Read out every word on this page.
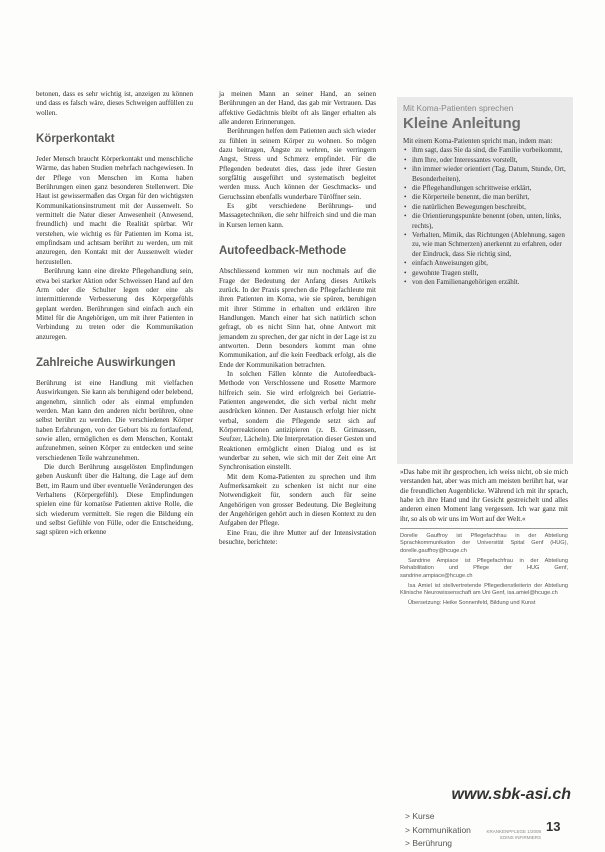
betonen, dass es sehr wichtig ist, anzeigen zu können und dass es falsch wäre, dieses Schweigen auffüllen zu wollen.

Körperkontakt

Jeder Mensch braucht Körperkontakt und menschliche Wärme, das haben Studien mehrfach nachgewiesen. In der Pflege von Menschen im Koma haben Berührungen einen ganz besonderen Stellenwert. Die Haut ist gewissermaßen das Organ für den wichtigsten Kommunikationsinstrument mit der Aussenwelt. So vermittelt die Natur dieser Anwesenheit (Anwesend, freundlich) und macht die Realität spürbar. Wir verstehen, wie wichtig es für Patienten im Koma ist, empfindsam und achtsam berührt zu werden, um mit anzuregen, den Kontakt mit der Aussenwelt wieder herzustellen.

Berührung kann eine direkte Pflegehandlung sein, etwa bei starker Aktion oder Schweissen Hand auf den Arm oder die Schulter legen oder eine als intermittierende Verbesserung des Körpergefühls geplant werden. Berührungen sind einfach auch ein Mittel für die Angehörigen, um mit ihrer Patienten in Verbindung zu treten oder die Kommunikation anzuregen.

Zahlreiche Auswirkungen

Berührung ist eine Handlung mit vielfachen Auswirkungen. Sie kann als beruhigend oder belebend, angenehm, sinnlich oder als einmal empfunden werden. Man kann den anderen nicht berühren, ohne selbst berührt zu werden. Die verschiedenen Körper haben Erfahrungen, von der Geburt bis zu fortlaufend, sowie allen, ermöglichen es dem Menschen, Kontakt aufzunehmen, seinen Körper zu entdecken und seine verschiedenen Teile wahrzunehmen.

Die durch Berührung ausgelösten Empfindungen geben Auskunft über die Haltung, die Lage auf dem Bett, im Raum und über eventuelle Veränderungen des Verhaltens (Körpergefühl). Diese Empfindungen spielen eine für komatöse Patienten aktive Rolle, die sich wiederum vermittelt. Sie regen die Bildung ein und selbst Gefühle von Fülle, oder die Entscheidung, sagt spüren »ich erkenne

ja meinen Mann an seiner Hand, an seinen Berührungen an der Hand, das gab mir Vertrauen. Das affektive Gedächtnis bleibt oft als länger erhalten als alle anderen Erinnerungen.

Berührungen helfen dem Patienten auch sich wieder zu fühlen in seinem Körper zu wohnen. So mögen dazu beitragen, Ängste zu wehren, sie verringern Angst, Stress und Schmerz empfindet. Für die Pflegenden bedeutet dies, dass jede ihrer Gesten sorgfältig ausgeführt und systematisch begleitet werden muss. Auch können der Geschmacks- und Geruchssinn ebenfalls wunderbare Türöffner sein.

Es gibt verschiedene Berührungs- und Massagetechniken, die sehr hilfreich sind und die man in Kursen lernen kann.

Autofeedback-Methode

Abschliessend kommen wir nun nochmals auf die Frage der Bedeutung der Anfang dieses Artikels zurück. In der Praxis sprechen die Pflegefachleute mit ihren Patienten im Koma, wie sie spüren, beruhigen mit ihrer Stimme in erhalten und erklären ihre Handlungen. Manch einer hat sich natürlich schon gefragt, ob es nicht Sinn hat, ohne Antwort mit jemandem zu sprechen, der gar nicht in der Lage ist zu antworten. Denn besonders kommt man ohne Kommunikation, auf die kein Feedback erfolgt, als die Ende der Kommunikation betrachten.

In solchen Fällen könnte die Autofeedback-Methode von Verschlossene und Rosette Marmore hilfreich sein. Sie wird erfolgreich bei Geriatrie-Patienten angewendet, die sich verbal nicht mehr ausdrücken können. Der Austausch erfolgt hier nicht verbal, sondern die Pflegende setzt sich auf Körperreaktionen antizipieren (z. B. Grimassen, Seufzer, Lächeln). Die Interpretation dieser Gesten und Reaktionen ermöglicht einen Dialog und es ist wunderbar zu sehen, wie sich mit der Zeit eine Art Synchronisation einstellt.

Mit dem Koma-Patienten zu sprechen und ihm Aufmerksamkeit zu schenken ist nicht nur eine Notwendigkeit für, sondern auch für seine Angehörigen von grosser Bedeutung. Die Begleitung der Angehörigen gehört auch in diesen Kontext zu den Aufgaben der Pflege.

Eine Frau, die ihre Mutter auf der Intensivstation besuchte, berichtete:

Mit Koma-Patienten sprechen
Kleine Anleitung
Mit einem Koma-Patienten spricht man, indem man:
• ihm sagt, dass Sie da sind, die Familie vorbeikommt,
• ihm Ihre, oder Interessantes vorstellt,
• ihn immer wieder orientiert (Tag, Datum, Stunde, Ort, Besonderheiten),
• die Pflegehandlungen schrittweise erklärt,
• die Körperteile benennt, die man berührt,
• die natürlichen Bewegungen beschreibt,
• die Orientierungspunkte benennt (oben, unten, links, rechts),
• Verhalten, Mimik, das Richtungen (Ablehnung, sagen zu, wie man Schmerzen) anerkennt zu erfahren, oder der Eindruck, dass Sie richtig sind,
• einfach Anweisungen gibt,
• gewohnte Tragen stellt,
• von den Familienangehörigen erzählt.

»Das habe mit ihr gesprochen, ich weiss nicht, ob sie mich verstanden hat, aber was mich am meisten berührt hat, war die freundlichen Augenblicke. Während ich mit ihr sprach, habe ich ihre Hand und ihr Gesicht gestreichelt und alles anderen einen Moment lang vergessen. Ich war ganz mit ihr, so als ob wir uns im Wort auf der Welt.«

Dorelle Gauffroy ist Pflegefachfrau in der Abteilung Sprachkommunikation der Universität Spital Genf (HUG), dorelle.gauffroy@hcuge.ch

Sandrine Ampiace ist Pflegefachfrau in der Abteilung Rehabilitation und Pflege der HUG Genf, sandrine.ampiace@hcuge.ch

Isa Amiel ist stellvertretende Pflegedienstleiterin der Abteilung Klinische Neurowissenschaft am Uni Genf, isa.amiel@hcuge.ch

Übersetzung: Heike Sonnenfeld, Bildung und Kunst

www.sbk-asi.ch
> Kurse
> Kommunikation
> Berührung
KRANKENPFLEGE 1/2008
SOINS INFIRMIERS
13
